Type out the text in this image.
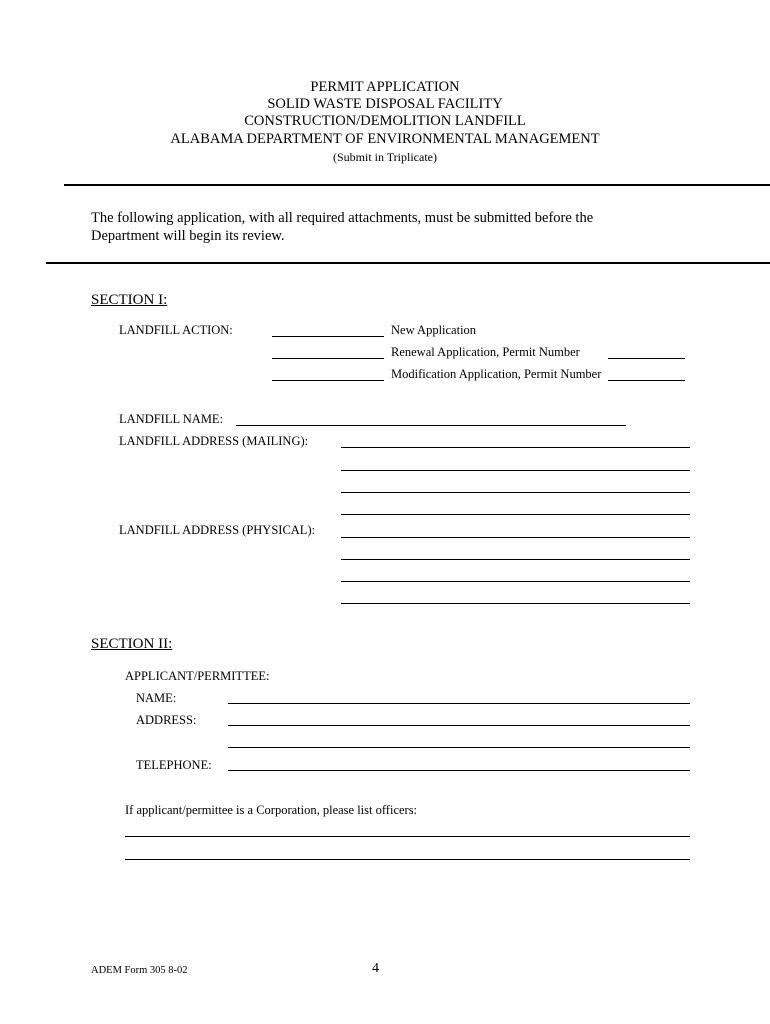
PERMIT APPLICATION
SOLID WASTE DISPOSAL FACILITY
CONSTRUCTION/DEMOLITION LANDFILL
ALABAMA DEPARTMENT OF ENVIRONMENTAL MANAGEMENT
(Submit in Triplicate)
The following application, with all required attachments, must be submitted before the
Department will begin its review.
SECTION I:
LANDFILL ACTION:	New Application
Renewal Application, Permit Number
Modification Application, Permit Number
LANDFILL NAME:
LANDFILL ADDRESS (MAILING):
LANDFILL ADDRESS (PHYSICAL):
SECTION II:
APPLICANT/PERMITTEE:
NAME:
ADDRESS:
TELEPHONE:
If applicant/permittee is a Corporation, please list officers:
ADEM Form 305 8-02	4
